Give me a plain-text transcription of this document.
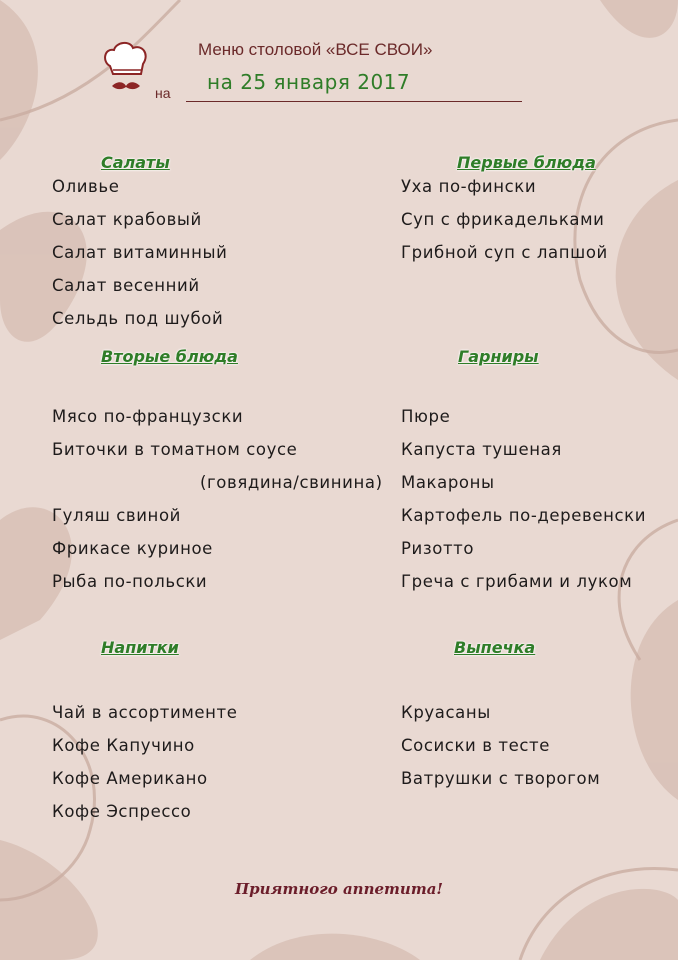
Меню столовой «ВСЕ СВОИ»
на на 25 января 2017
Салаты
Оливье
Салат крабовый
Салат витаминный
Салат весенний
Сельдь под шубой
Первые блюда
Уха по-фински
Суп с фрикадельками
Грибной суп с лапшой
Вторые блюда
Мясо по-французски
Биточки в томатном соусе
(говядина/свинина)
Гуляш свиной
Фрикасе куриное
Рыба по-польски
Гарниры
Пюре
Капуста тушеная
Макароны
Картофель по-деревенски
Ризотто
Греча с грибами и луком
Напитки
Чай в ассортименте
Кофе Капучино
Кофе Американо
Кофе Эспрессо
Выпечка
Круасаны
Сосиски в тесте
Ватрушки с творогом
Приятного аппетита!
